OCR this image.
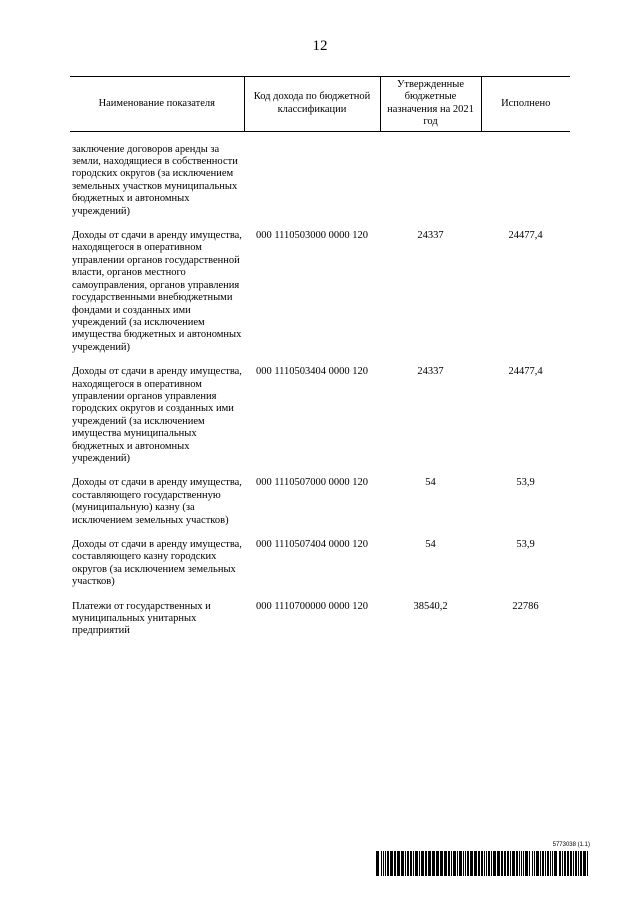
12
Наименование показателя	Код дохода по бюджетной классификации	Утвержденные бюджетные назначения на 2021 год	Исполнено

заключение договоров аренды за земли, находящиеся в собственности городских округов (за исключением земельных участков муниципальных бюджетных и автономных учреждений)			
Доходы от сдачи в аренду имущества, находящегося в оперативном управлении органов государственной власти, органов местного самоуправления, органов управления государственными внебюджетными фондами и созданных ими учреждений (за исключением имущества бюджетных и автономных учреждений)	000 1110503000 0000 120	24337	24477,4
Доходы от сдачи в аренду имущества, находящегося в оперативном управлении органов управления городских округов и созданных ими учреждений (за исключением имущества муниципальных бюджетных и автономных учреждений)	000 1110503404 0000 120	24337	24477,4
Доходы от сдачи в аренду имущества, составляющего государственную (муниципальную) казну (за исключением земельных участков)	000 1110507000 0000 120	54	53,9
Доходы от сдачи в аренду имущества, составляющего казну городских округов (за исключением земельных участков)	000 1110507404 0000 120	54	53,9
Платежи от государственных и муниципальных унитарных предприятий	000 1110700000 0000 120	38540,2	22786
5773038 (1.1)
